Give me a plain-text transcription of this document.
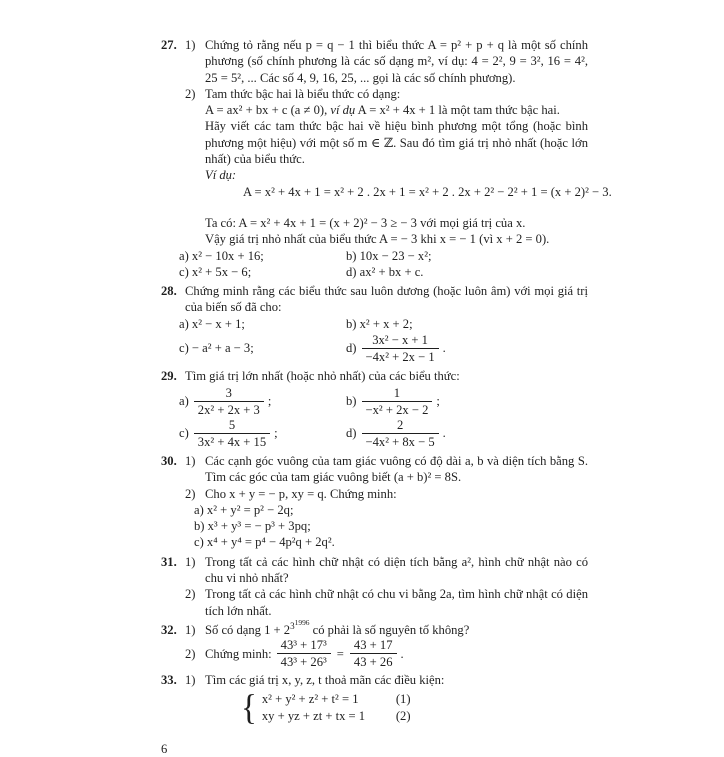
27. 1) Chứng tỏ rằng nếu p = q − 1 thì biểu thức A = p² + p + q là một số chính phương (số chính phương là các số dạng m², ví dụ: 4 = 2², 9 = 3², 16 = 4², 25 = 5², ... Các số 4, 9, 16, 25, ... gọi là các số chính phương).
2) Tam thức bậc hai là biểu thức có dạng:
A = ax² + bx + c (a ≠ 0), ví dụ A = x² + 4x + 1 là một tam thức bậc hai.
Hãy viết các tam thức bậc hai về hiệu bình phương một tổng (hoặc bình phương một hiệu) với một số m ∈ ℤ. Sau đó tìm giá trị nhỏ nhất (hoặc lớn nhất) của biểu thức.
Ví dụ:
A = x² + 4x + 1 = x² + 2 . 2x + 1 = x² + 2 . 2x + 2² − 2² + 1 = (x + 2)² − 3.
Ta có: A = x² + 4x + 1 = (x + 2)² − 3 ≥ − 3 với mọi giá trị của x.
Vậy giá trị nhỏ nhất của biểu thức A = − 3 khi x = − 1 (vì x + 2 = 0).
a) x² − 10x + 16;	b) 10x − 23 − x²;
c) x² + 5x − 6;	d) ax² + bx + c.
28. Chứng minh rằng các biểu thức sau luôn dương (hoặc luôn âm) với mọi giá trị của biến số đã cho:
a) x² − x + 1;	b) x² + x + 2;
c) − a² + a − 3;	$d) \frac{\text{3x² − x + 1}}{\text{−4x² + 2x − 1}}$ .
29. Tìm giá trị lớn nhất (hoặc nhỏ nhất) của các biểu thức:
$a) \frac{3}{\text{2x² + 2x + 3}}$ ;	$b) \frac{1}{\text{−x² + 2x − 2}}$ ;
$c) \frac{5}{\text{3x² + 4x + 15}}$ ;	$d) \frac{2}{\text{−4x² + 8x − 5}}$ .
30. 1) Các cạnh góc vuông của tam giác vuông có độ dài a, b và diện tích bằng S. Tìm các góc của tam giác vuông biết (a + b)² = 8S.
2) Cho x + y = − p, xy = q. Chứng minh:
a) x² + y² = p² − 2q;
b) x³ + y³ = − p³ + 3pq;
c) x⁴ + y⁴ = p⁴ − 4p²q + 2q².
31. 1) Trong tất cả các hình chữ nhật có diện tích bằng a², hình chữ nhật nào có chu vi nhỏ nhất?
2) Trong tất cả các hình chữ nhật có chu vi bằng 2a, tìm hình chữ nhật có diện tích lớn nhất.
32. 1) Số có dạng $1 + 2^{3^{1996}}$ có phải là số nguyên tố không?
2) Chứng minh: $\frac{\text{43³ + 17³}}{\text{43³ + 26³}} = \frac{43 + 17}{43 + 26}$ .
33. 1) Tìm các giá trị x, y, z, t thoả mãn các điều kiện:
{ x² + y² + z² + t² = 1	(1)
xy + yz + zt + tx = 1	(2)
6
